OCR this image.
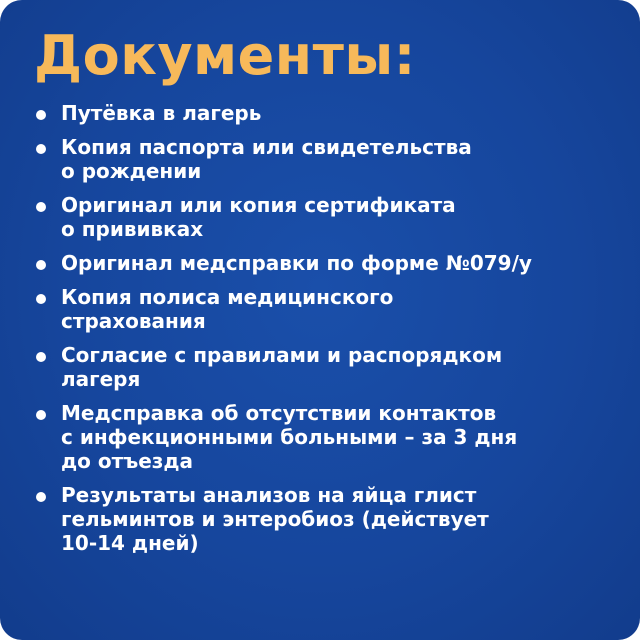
Документы:
Путёвка в лагерь
Копия паспорта или свидетельства
о рождении
Оригинал или копия сертификата
о прививках
Оригинал медсправки по форме №079/у
Копия полиса медицинского
страхования
Согласие с правилами и распорядком
лагеря
Медсправка об отсутствии контактов
с инфекционными больными – за 3 дня
до отъезда
Результаты анализов на яйца глист
гельминтов и энтеробиоз (действует
10-14 дней)
